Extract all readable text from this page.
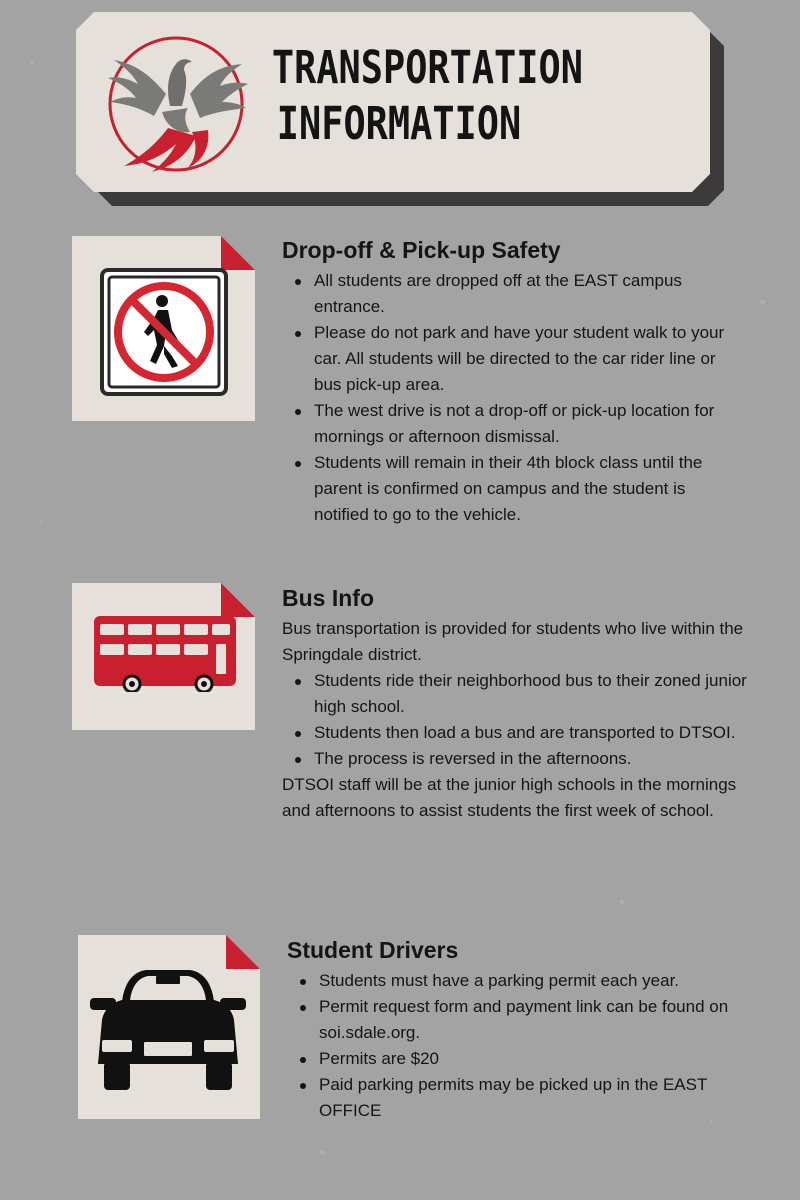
TRANSPORTATION
INFORMATION
Drop-off & Pick-up Safety
All students are dropped off at the EAST campus entrance.
Please do not park and have your student walk to your car. All students will be directed to the car rider line or bus pick-up area.
The west drive is not a drop-off or pick-up location for mornings or afternoon dismissal.
Students will remain in their 4th block class until the parent is confirmed on campus and the student is notified to go to the vehicle.
Bus Info

Bus transportation is provided for students who live within the Springdale district.

Students ride their neighborhood bus to their zoned junior high school.
Students then load a bus and are transported to DTSOI.
The process is reversed in the afternoons.

DTSOI staff will be at the junior high schools in the mornings and afternoons to assist students the first week of school.

Student Drivers
Students must have a parking permit each year.
Permit request form and payment link can be found on soi.sdale.org.
Permits are $20
Paid parking permits may be picked up in the EAST OFFICE
